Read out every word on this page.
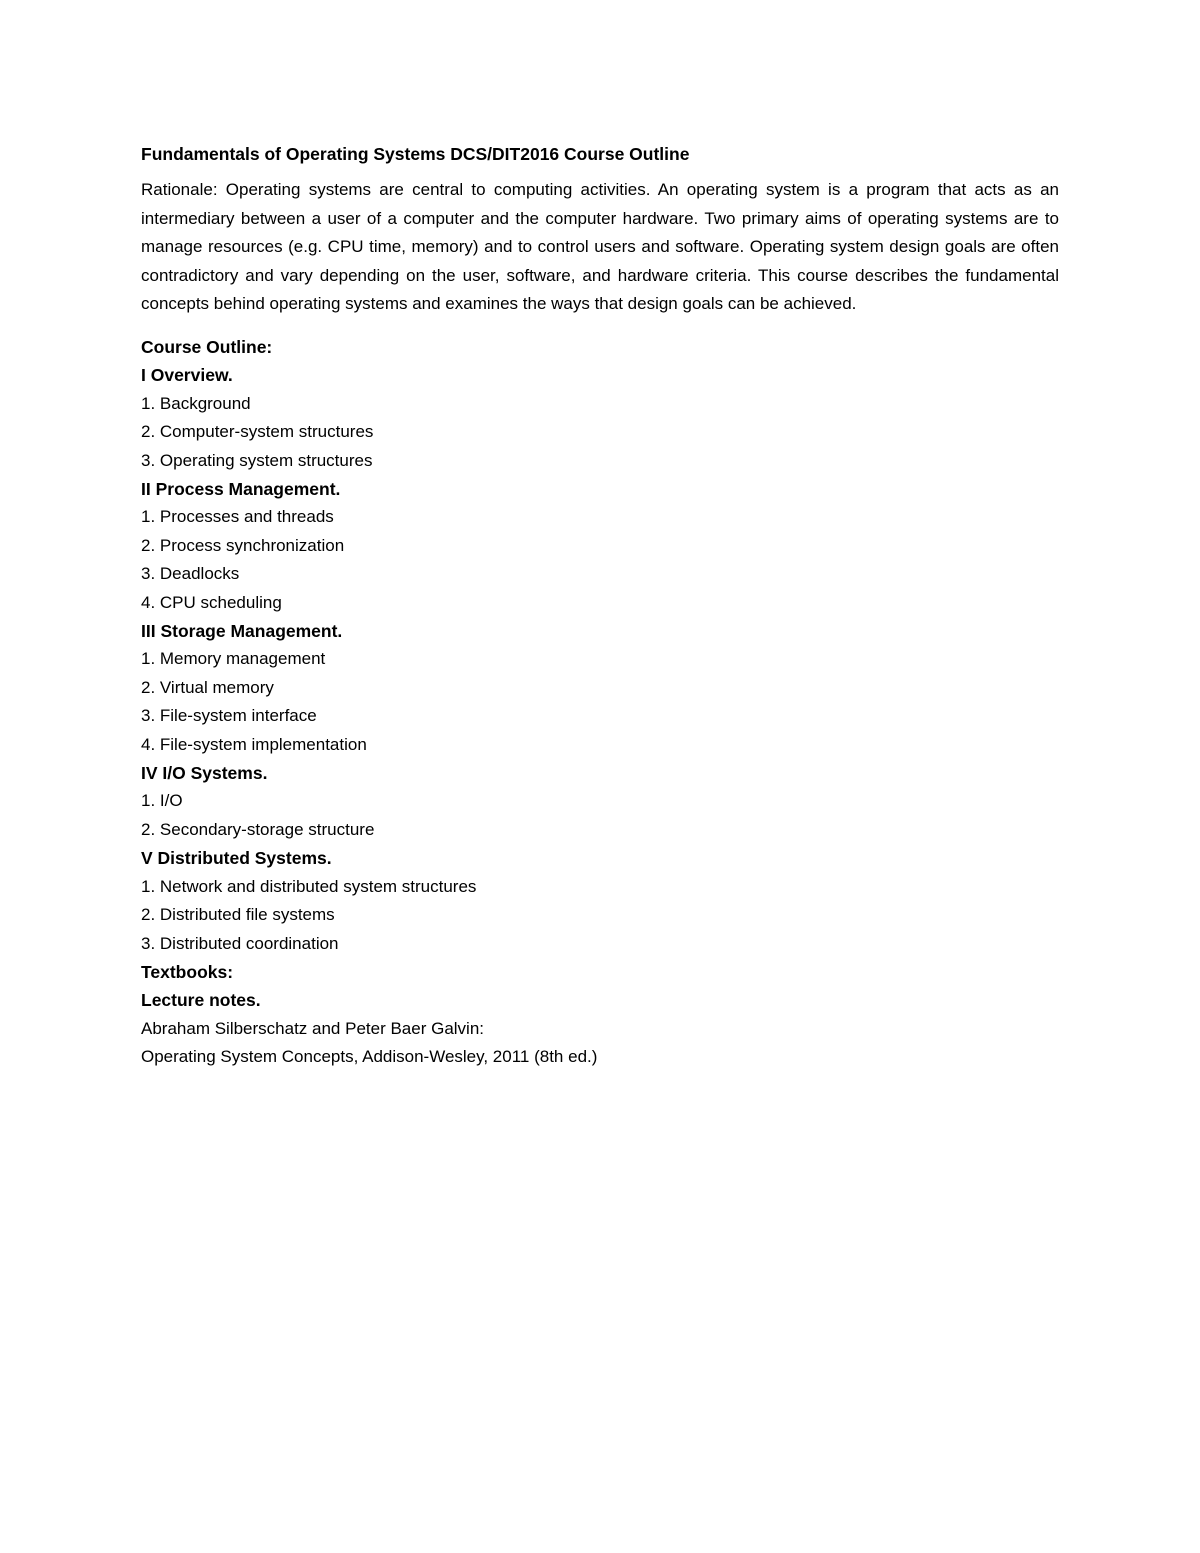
Fundamentals of Operating Systems DCS/DIT2016 Course Outline

Rationale: Operating systems are central to computing activities. An operating system is a program that acts as an intermediary between a user of a computer and the computer hardware. Two primary aims of operating systems are to manage resources (e.g. CPU time, memory) and to control users and software. Operating system design goals are often contradictory and vary depending on the user, software, and hardware criteria. This course describes the fundamental concepts behind operating systems and examines the ways that design goals can be achieved.

Course Outline:
I Overview.
1. Background
2. Computer-system structures
3. Operating system structures
II Process Management.
1. Processes and threads
2. Process synchronization
3. Deadlocks
4. CPU scheduling
III Storage Management.
1. Memory management
2. Virtual memory
3. File-system interface
4. File-system implementation
IV I/O Systems.
1. I/O
2. Secondary-storage structure
V Distributed Systems.
1. Network and distributed system structures
2. Distributed file systems
3. Distributed coordination
Textbooks:
Lecture notes.
Abraham Silberschatz and Peter Baer Galvin:
Operating System Concepts, Addison-Wesley, 2011 (8th ed.)
